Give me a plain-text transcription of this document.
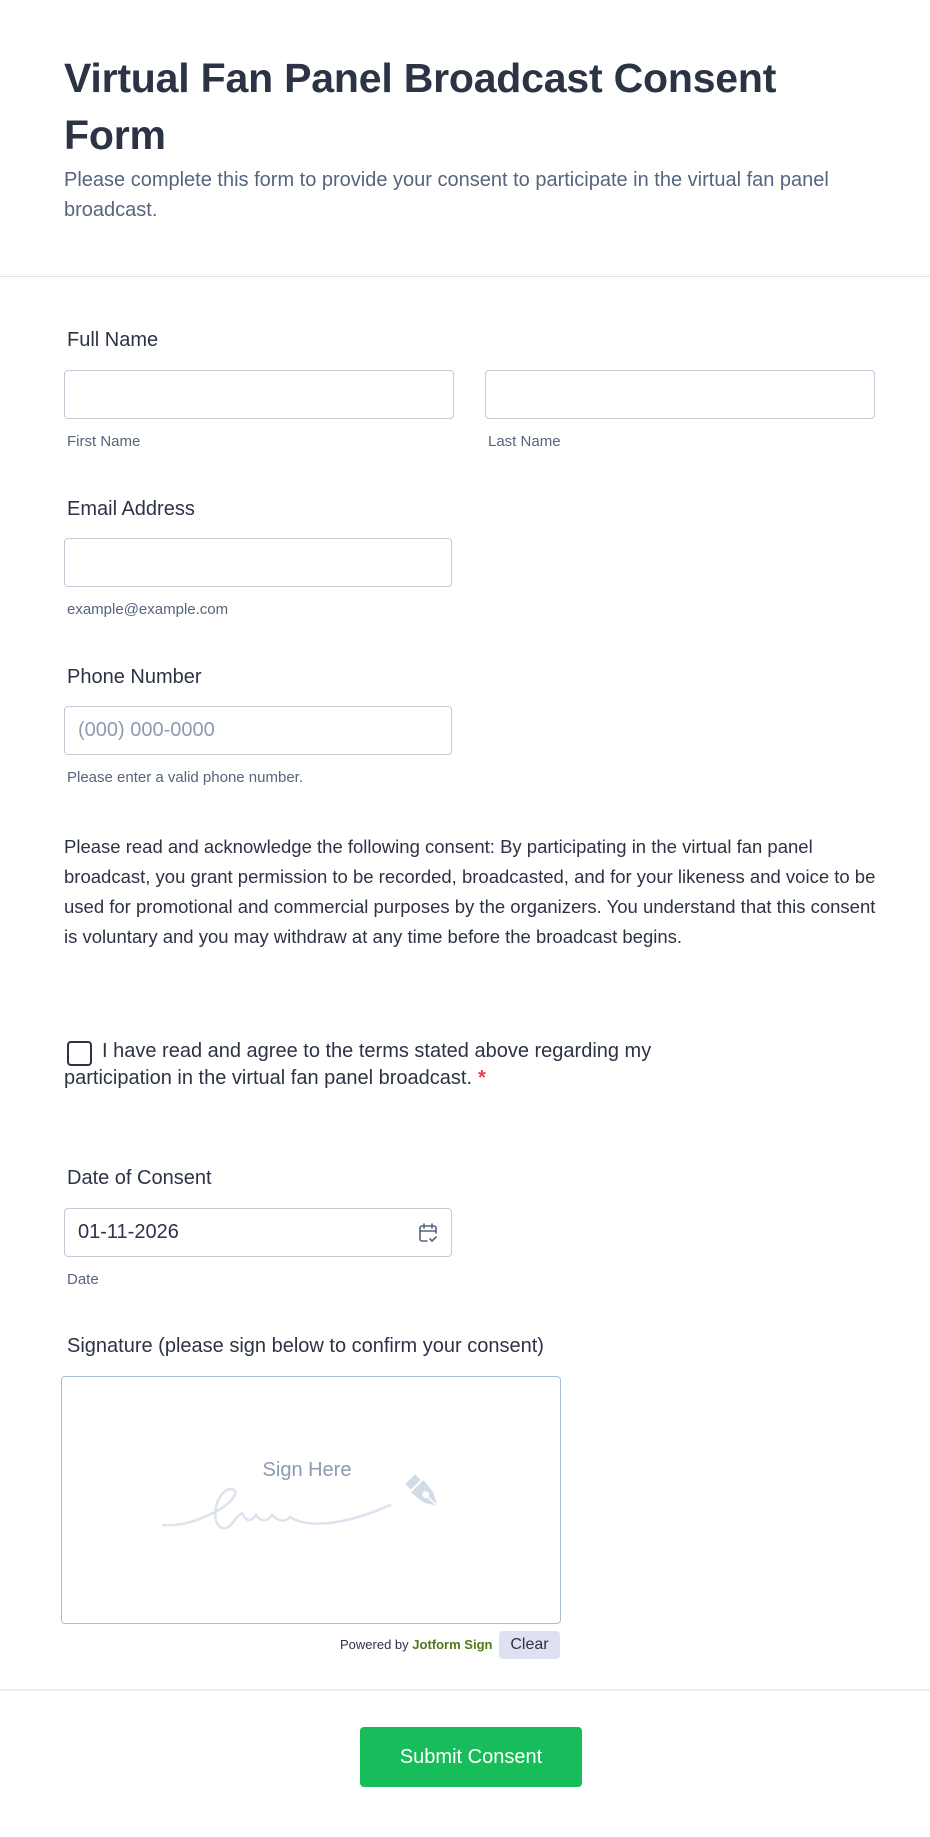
Virtual Fan Panel Broadcast Consent Form

Please complete this form to provide your consent to participate in the virtual fan panel broadcast.

Full Name
First Name	Last Name
Email Address
example@example.com
Phone Number
(000) 000-0000
Please enter a valid phone number.

Please read and acknowledge the following consent: By participating in the virtual fan panel broadcast, you grant permission to be recorded, broadcasted, and for your likeness and voice to be used for promotional and commercial purposes by the organizers. You understand that this consent is voluntary and you may withdraw at any time before the broadcast begins.

I have read and agree to the terms stated above regarding my participation in the virtual fan panel broadcast. *

Date of Consent
01-11-2026
Date
Signature (please sign below to confirm your consent)
Sign Here
Powered by Jotform Sign	Clear
Submit Consent
